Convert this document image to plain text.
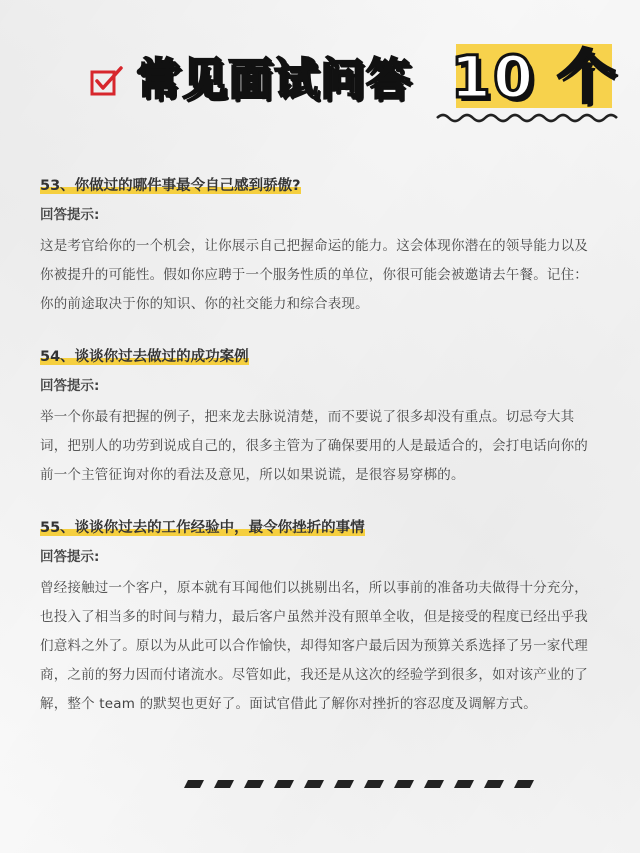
常见面试问答 10 个

53、你做过的哪件事最令自己感到骄傲?

回答提示:

这是考官给你的一个机会，让你展示自己把握命运的能力。这会体现你潜在的领导能力以及你被提升的可能性。假如你应聘于一个服务性质的单位，你很可能会被邀请去午餐。记住：你的前途取决于你的知识、你的社交能力和综合表现。

54、谈谈你过去做过的成功案例

回答提示:

举一个你最有把握的例子，把来龙去脉说清楚，而不要说了很多却没有重点。切忌夸大其词，把别人的功劳到说成自己的，很多主管为了确保要用的人是最适合的，会打电话向你的前一个主管征询对你的看法及意见，所以如果说谎，是很容易穿梆的。

55、谈谈你过去的工作经验中，最令你挫折的事情

回答提示:

曾经接触过一个客户，原本就有耳闻他们以挑剔出名，所以事前的准备功夫做得十分充分，也投入了相当多的时间与精力，最后客户虽然并没有照单全收，但是接受的程度已经出乎我们意料之外了。原以为从此可以合作愉快，却得知客户最后因为预算关系选择了另一家代理商，之前的努力因而付诸流水。尽管如此，我还是从这次的经验学到很多，如对该产业的了解，整个 team 的默契也更好了。面试官借此了解你对挫折的容忍度及调解方式。
